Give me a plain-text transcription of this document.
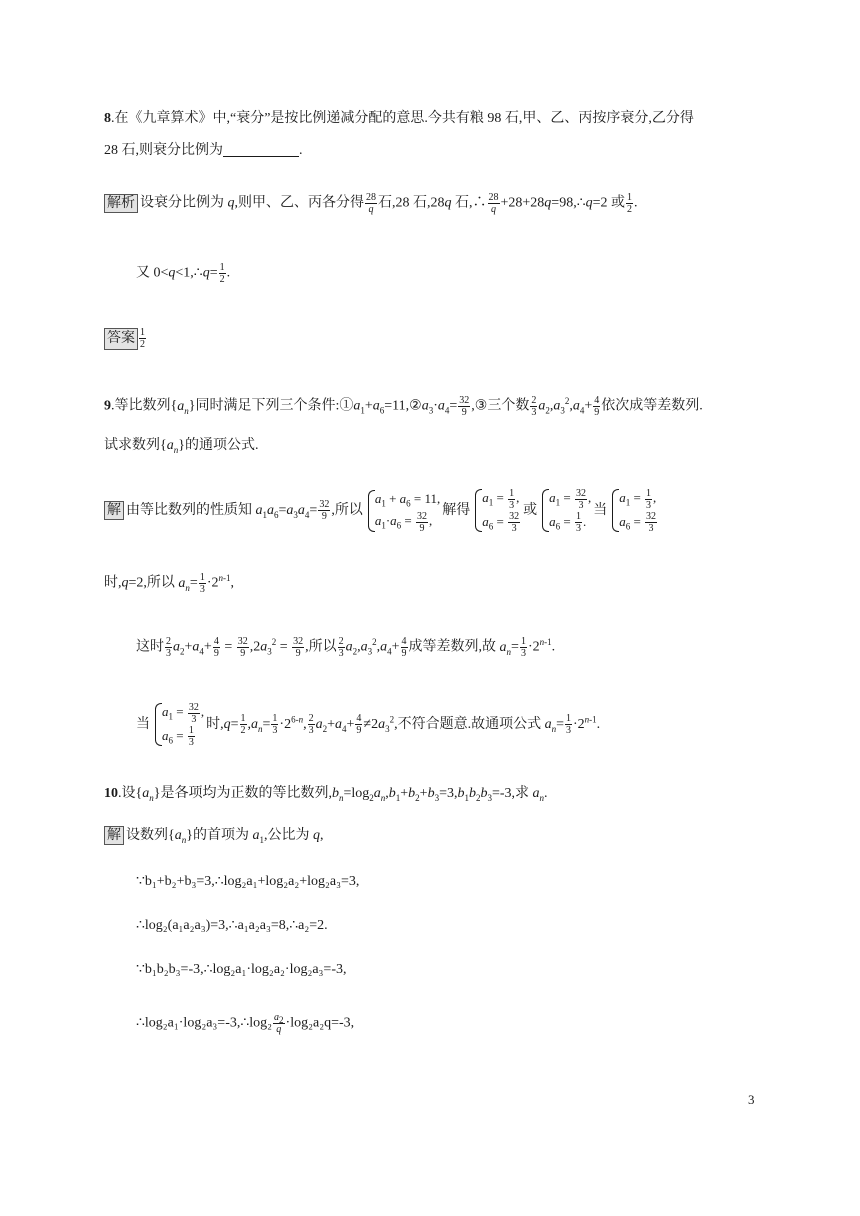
8.在《九章算术》中,“衰分”是按比例递减分配的意思.今共有粮 98 石,甲、乙、丙按序衰分,乙分得
28 石,则衰分比例为	.
解析 设衰分比例为 q,则甲、乙、丙各分得 $\frac{28}{q}$ 石,28 石,28q 石,∴ $\frac{28}{q}$ +28+28q=98,∴q=2 或 $\frac{1}{2}$ .
又 0<q<1,∴q= $\frac{1}{2}$ .
答案 $\frac{1}{2}$
9.等比数列$\{a_n\}$同时满足下列三个条件$:①a_1+a_6=11,②a_3\cdot a_4= \frac{32}{9}$ ,③三个数 $\frac{2}{3} a_2,a_3^2,a_4+ \frac{4}{9}$ 依次成等差数列.
试求数列$\{a_n\}$的通项公式.
解 由等比数列的性质知 $a_1a_6=a_3a_4= \frac{32}{9}$ ,所以
$a_1 + a_6 = 11$,
$a_1\cdot a_6 = \frac{32}{9}$ ,
解得
$a_1 = \frac{1}{3}$ ,
$a_6 = \frac{32}{3}$
或
$a_1 = \frac{32}{3}$ ,
$a_6 = \frac{1}{3}$ .
当
$a_1 = \frac{1}{3}$ ,
$a_6 = \frac{32}{3}$
时,q=2,所以 $a_n= \frac{1}{3} \cdot 2^{n-1}$,
这时 $\frac{2}{3} a_2+a_4+ \frac{4}{9} = \frac{32}{9} ,2a_3^2 = \frac{32}{9}$ ,所以 $\frac{2}{3} a_2,a_3^2,a_4+ \frac{4}{9}$ 成等差数列,故 $a_n= \frac{1}{3} \cdot 2^{n-1}$.
当
$a_1 = \frac{32}{3}$ ,
$a_6 = \frac{1}{3}$
时$,q= \frac{1}{2} ,a_n= \frac{1}{3} \cdot 2^{6-n}$, $\frac{2}{3} a_2+a_4+ \frac{4}{9} \ne 2a_3^2$,不符合题意.故通项公式 $a_n= \frac{1}{3} \cdot 2^{n-1}$.
10.设$\{a_n\}$是各项均为正数的等比数列$,b_n=\log_2a_n,b_1+b_2+b_3=3,b_1b_2b_3=-3$,求 $a_n$.
解 设数列$\{a_n\}$的首项为 $a_1$,公比为 q,
∵b₁+b₂+b₃=3,∴log₂a₁+log₂a₂+log₂a₃=3,
∴log₂(a₁a₂a₃)=3,∴a₁a₂a₃=8,∴a₂=2.
∵b₁b₂b₃=-3,∴log₂a₁·log₂a₂·log₂a₃=-3,
∴log₂a₁·log₂a₃=-3,∴log₂ $\frac{a_2}{q} \cdot\log_2a_2q=-3$,
3
